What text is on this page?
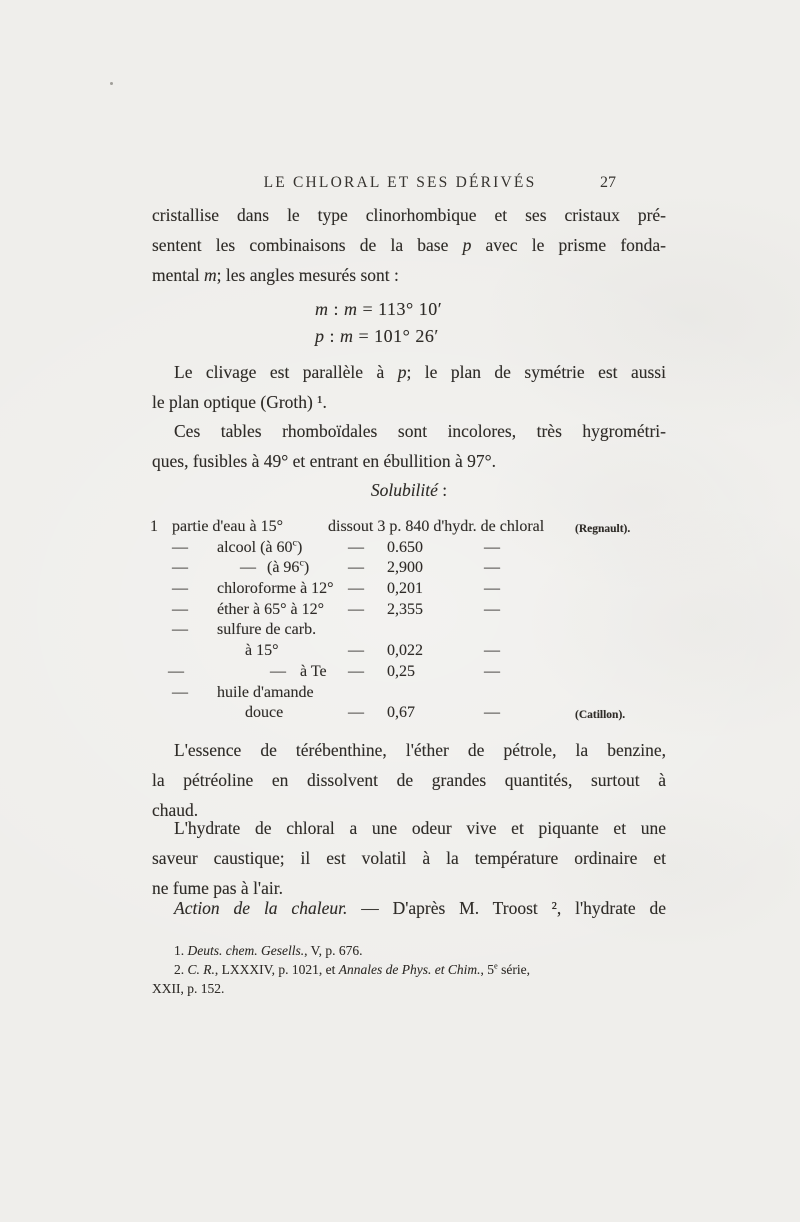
LE CHLORAL ET SES DÉRIVÉS	27
cristallise dans le type clinorhombique et ses cristaux pré-
sentent les combinaisons de la base p avec le prisme fonda-
mental m; les angles mesurés sont :
m : m = 113° 10′
p : m = 101° 26′
Le clivage est parallèle à p; le plan de symétrie est aussi
le plan optique (Groth) ¹.
Ces tables rhomboïdales sont incolores, très hygrométri-
ques, fusibles à 49° et entrant en ébullition à 97°.
Solubilité :
1 partie d'eau à 15°	dissout 3 p. 840 d'hydr. de chloral	(Regnault).
— alcool (à 60$^c$)	— 0.650	—
—	— (à 96$^c$) — 2,900	—
— chloroforme à 12° — 0,201	—
— éther à 65° à 12° — 2,355	—
— sulfure de carb.
à 15°	— 0,022	—
—	— à Te — 0,25	—
— huile d'amande
douce	— 0,67	—	(Catillon).
L'essence de térébenthine, l'éther de pétrole, la benzine,
la pétréoline en dissolvent de grandes quantités, surtout à
chaud.
L'hydrate de chloral a une odeur vive et piquante et une
saveur caustique; il est volatil à la température ordinaire et
ne fume pas à l'air.
Action de la chaleur. — D'après M. Troost ², l'hydrate de
1. Deuts. chem. Gesells., V, p. 676.
2. C. R., LXXXIV, p. 1021, et Annales de Phys. et Chim., 5e série,
XXII, p. 152.
